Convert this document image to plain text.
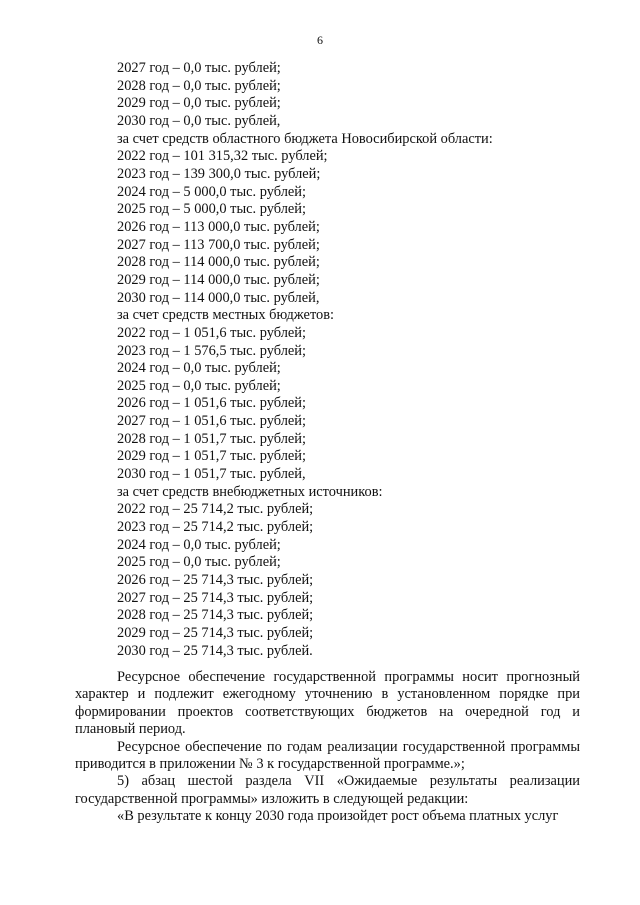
6
2027 год – 0,0 тыс. рублей;
2028 год – 0,0 тыс. рублей;
2029 год – 0,0 тыс. рублей;
2030 год – 0,0 тыс. рублей,
за счет средств областного бюджета Новосибирской области:
2022 год – 101 315,32 тыс. рублей;
2023 год – 139 300,0 тыс. рублей;
2024 год – 5 000,0 тыс. рублей;
2025 год – 5 000,0 тыс. рублей;
2026 год – 113 000,0 тыс. рублей;
2027 год – 113 700,0 тыс. рублей;
2028 год – 114 000,0 тыс. рублей;
2029 год – 114 000,0 тыс. рублей;
2030 год – 114 000,0 тыс. рублей,
за счет средств местных бюджетов:
2022 год – 1 051,6 тыс. рублей;
2023 год – 1 576,5 тыс. рублей;
2024 год – 0,0 тыс. рублей;
2025 год – 0,0 тыс. рублей;
2026 год – 1 051,6 тыс. рублей;
2027 год – 1 051,6 тыс. рублей;
2028 год – 1 051,7 тыс. рублей;
2029 год – 1 051,7 тыс. рублей;
2030 год – 1 051,7 тыс. рублей,
за счет средств внебюджетных источников:
2022 год – 25 714,2 тыс. рублей;
2023 год – 25 714,2 тыс. рублей;
2024 год – 0,0 тыс. рублей;
2025 год – 0,0 тыс. рублей;
2026 год – 25 714,3 тыс. рублей;
2027 год – 25 714,3 тыс. рублей;
2028 год – 25 714,3 тыс. рублей;
2029 год – 25 714,3 тыс. рублей;
2030 год – 25 714,3 тыс. рублей.

Ресурсное обеспечение государственной программы носит прогнозный характер и подлежит ежегодному уточнению в установленном порядке при формировании проектов соответствующих бюджетов на очередной год и плановый период.

Ресурсное обеспечение по годам реализации государственной программы приводится в приложении № 3 к государственной программе.»;

5) абзац шестой раздела VII «Ожидаемые результаты реализации государственной программы» изложить в следующей редакции:

«В результате к концу 2030 года произойдет рост объема платных услуг
